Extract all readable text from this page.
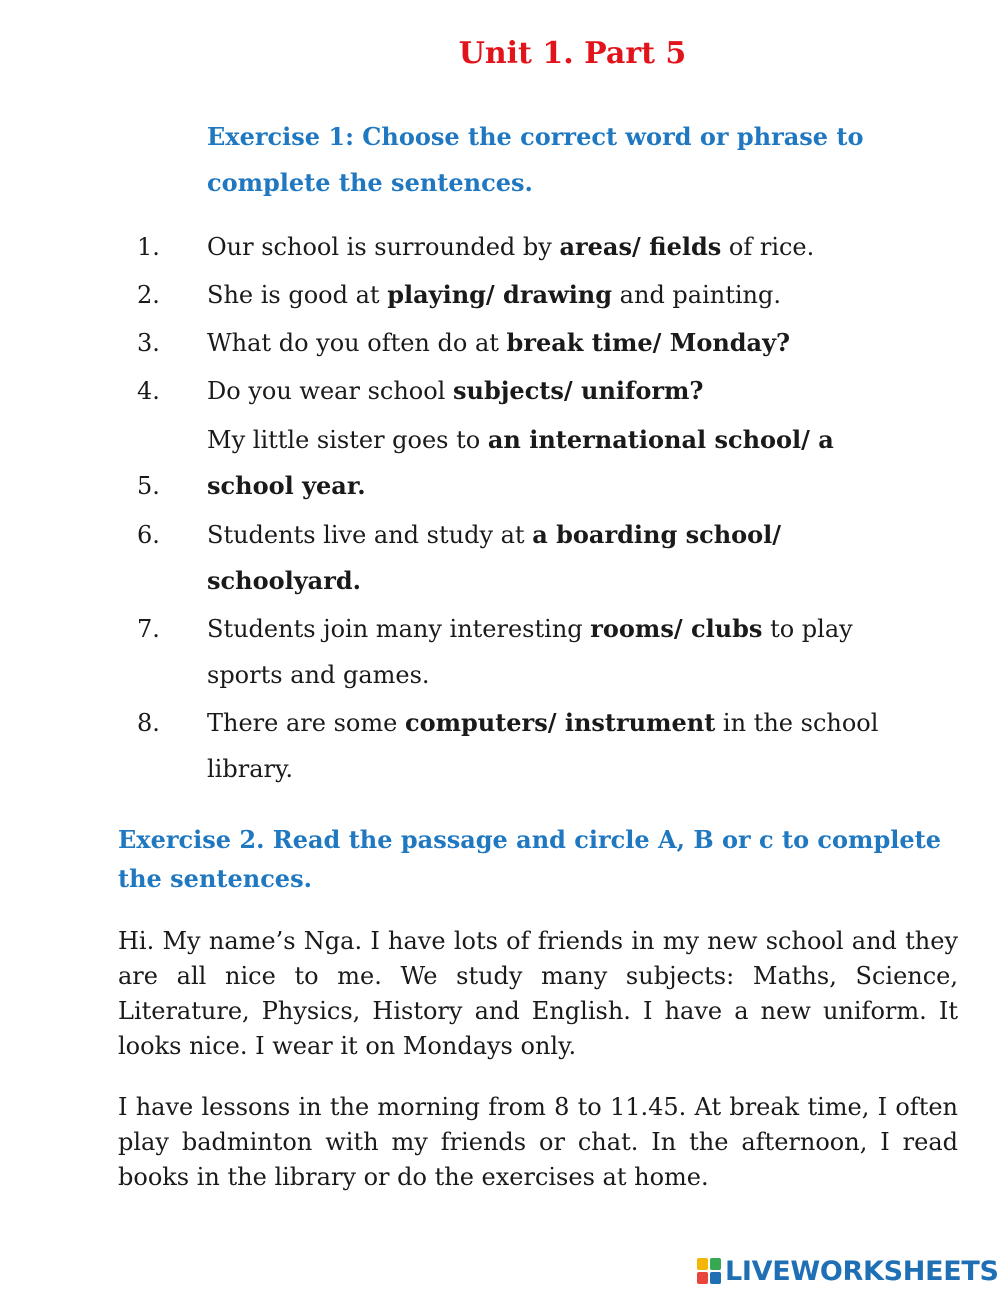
Unit 1. Part 5
Exercise 1: Choose the correct word or phrase to
complete the sentences.
1.	Our school is surrounded by areas/ fields of rice.
2.	She is good at playing/ drawing and painting.
3.	What do you often do at break time/ Monday?
4.	Do you wear school subjects/ uniform?
5.
My little sister goes to an international school/ a
school year.
6.	Students live and study at a boarding school/
schoolyard.
7.	Students join many interesting rooms/ clubs to play
sports and games.
8.	There are some computers/ instrument in the school
library.
Exercise 2. Read the passage and circle A, B or c to complete
the sentences.

Hi. My name’s Nga. I have lots of friends in my new school and they are all nice to me. We study many subjects: Maths, Science, Literature, Physics, History and English. I have a new uniform. It looks nice. I wear it on Mondays only.

I have lessons in the morning from 8 to 11.45. At break time, I often play badminton with my friends or chat. In the afternoon, I read books in the library or do the exercises at home.

LIVEWORKSHEETS
